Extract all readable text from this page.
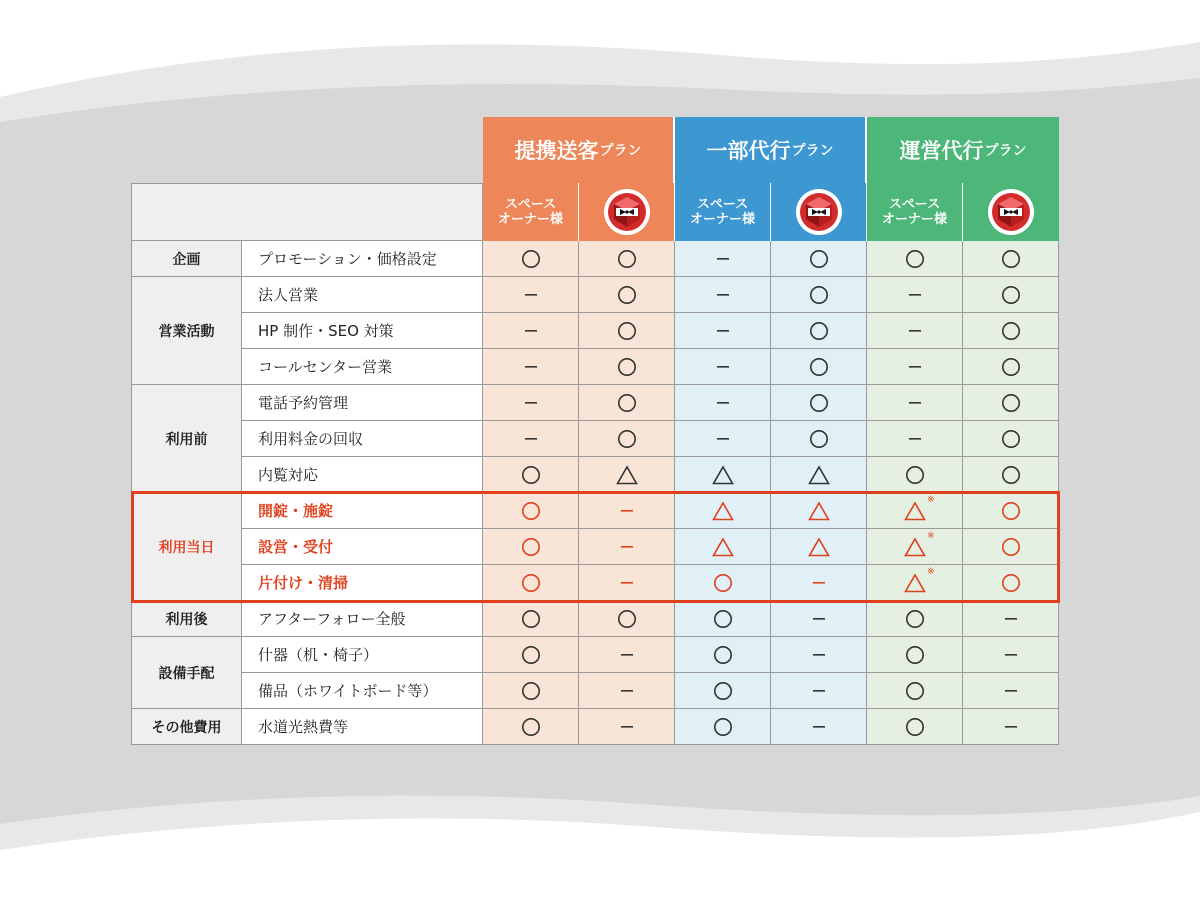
提携送客 プラン	一部代行 プラン	運営代行 プラン
スペース
オーナー様
スペース
オーナー様
スペース
オーナー様
企画
営業活動
利用前
利用当日
利用後
設備手配
その他費用
プロモーション・価格設定
法人営業
HP 制作・SEO 対策
コールセンター営業
電話予約管理
利用料金の回収
内覧対応
開錠・施錠
※
設営・受付
※
片付け・清掃
※
アフターフォロー全般
什器（机・椅子）
備品（ホワイトボード等）
水道光熱費等
